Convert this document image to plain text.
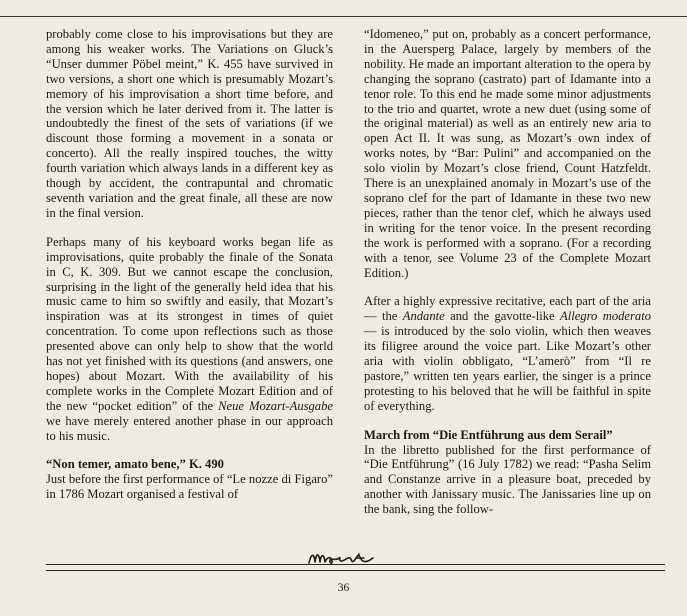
probably come close to his improvisations but they are among his weaker works. The Variations on Gluck’s “Unser dummer Pöbel meint,” K. 455 have survived in two versions, a short one which is presumably Mozart’s memory of his improvisation a short time before, and the version which he later derived from it. The latter is undoubtedly the finest of the sets of variations (if we discount those forming a movement in a sonata or concerto). All the really inspired touches, the witty fourth variation which always lands in a different key as though by accident, the contrapuntal and chromatic seventh variation and the great finale, all these are now in the final version.

Perhaps many of his keyboard works began life as improvisations, quite probably the finale of the Sonata in C, K. 309. But we cannot escape the conclusion, surprising in the light of the generally held idea that his music came to him so swiftly and easily, that Mozart’s inspiration was at its strongest in times of quiet concentration. To come upon reflections such as those presented above can only help to show that the world has not yet finished with its questions (and answers, one hopes) about Mozart. With the availability of his complete works in the Complete Mozart Edition and of the new “pocket edition” of the Neue Mozart-Ausgabe we have merely entered another phase in our approach to his music.

“Non temer, amato bene,” K. 490

Just before the first performance of “Le nozze di Figaro” in 1786 Mozart organised a festival of

“Idomeneo,” put on, probably as a concert performance, in the Auersperg Palace, largely by members of the nobility. He made an important alteration to the opera by changing the soprano (castrato) part of Idamante into a tenor role. To this end he made some minor adjustments to the trio and quartet, wrote a new duet (using some of the original material) as well as an entirely new aria to open Act II. It was sung, as Mozart’s own index of works notes, by “Bar: Pulini” and accompanied on the solo violin by Mozart’s close friend, Count Hatzfeldt. There is an unexplained anomaly in Mozart’s use of the soprano clef for the part of Idamante in these two new pieces, rather than the tenor clef, which he always used in writing for the tenor voice. In the present recording the work is performed with a soprano. (For a recording with a tenor, see Volume 23 of the Complete Mozart Edition.)

After a highly expressive recitative, each part of the aria — the Andante and the gavotte-like Allegro moderato — is introduced by the solo violin, which then weaves its filigree around the voice part. Like Mozart’s other aria with violin obbligato, “L’amerò” from “Il re pastore,” written ten years earlier, the singer is a prince protesting to his beloved that he will be faithful in spite of everything.

March from “Die Entführung aus dem Serail”

In the libretto published for the first performance of “Die Entführung” (16 July 1782) we read: “Pasha Selim and Constanze arrive in a pleasure boat, preceded by another with Janissary music. The Janissaries line up on the bank, sing the follow-

36
